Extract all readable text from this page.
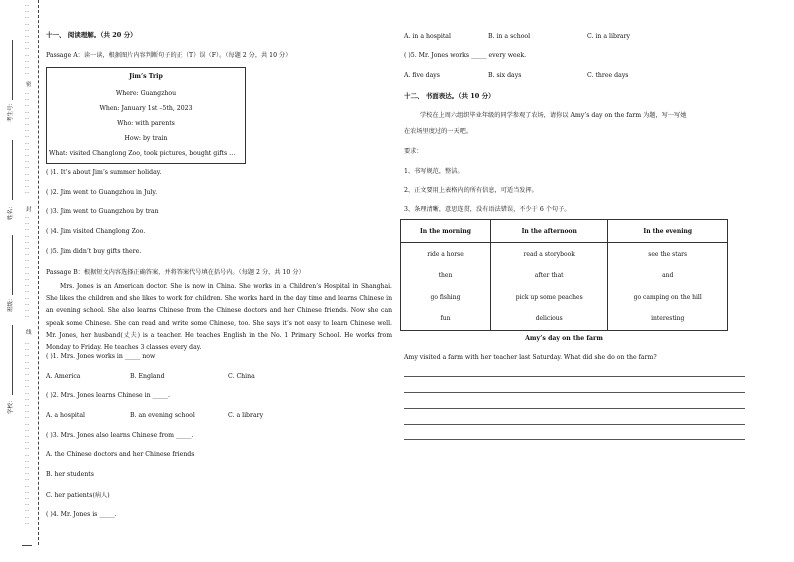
…
…
…
…
…
…
…
…
…
…
…
…
密
…
…
…
…
…
…
…
…
…
…
…
…
…
…
…
…
…
封
…
…
…
…
…
…
…
…
…
…
…
…
…
…
…
…
…
线
…
…
…
…
…
…
…
…
…
…
…
…
…
…
…
…
…
…
…
…
…
…
…
…
…
…
…
…
…
…
考生号：
姓名：
班级：
学校：
十一、 阅读理解。（共 20 分）
Passage A：读一读，根据图片内容判断句子的正（T）误（F）。（每题 2 分，共 10 分）
Jim’s Trip
Where: Guangzhou
When: January 1st –5th, 2023
Who: with parents
How: by train
What: visited Changlong Zoo, took pictures, bought gifts …
( )1. It’s about Jim’s summer holiday.
( )2. Jim went to Guangzhou in July.
( )3. Jim went to Guangzhou by tran
( )4. Jim visited Changlong Zoo.
( )5. Jim didn’t buy gifts there.
Passage B：根据短文内容选择正确答案，并将答案代号填在括号内。（每题 2 分，共 10 分）
Mrs. Jones is an American doctor. She is now in China. She works in a Children’s Hospital in Shanghai. She likes the children and she likes to work for children. She works hard in the day time and learns Chinese in an evening school. She also learns Chinese from the Chinese doctors and her Chinese friends. Now she can speak some Chinese. She can read and write some Chinese, too. She says it’s not easy to learn Chinese well. Mr. Jones, her husband(丈夫) is a teacher. He teaches English in the No. 1 Primary School. He works from Monday to Friday. He teaches 3 classes every day.
( )1. Mrs. Jones works in _____ now
A. America	B. England	C. China
( )2. Mrs. Jones learns Chinese in _____.
A. a hospital	B. an evening school	C. a library
( )3. Mrs. Jones also learns Chinese from _____.
A. the Chinese doctors and her Chinese friends
B. her students
C. her patients(病人)
( )4. Mr. Jones is _____.
A. in a hospital	B. in a school	C. in a library
( )5. Mr. Jones works _____ every week.
A. five days	B. six days	C. three days
十二、 书面表达。（共 10 分）
学校在上周六组织毕业年级的同学参观了农场，请你以 Amy’s day on the farm 为题，写一写她
在农场里度过的一天吧。
要求：
1、书写规范，整洁。
2、正文要用上表格内的所有信息，可适当发挥。
3、条理清晰，意思连贯，没有语法错误，不少于 6 个句子。
In the morning	In the afternoon	In the evening
ride a horse	read a storybook	see the stars
then	after that	and
go fishing	pick up some peaches	go camping on the hill
fun	delicious	interesting
Amy’s day on the farm
Amy visited a farm with her teacher last Saturday. What did she do on the farm?
